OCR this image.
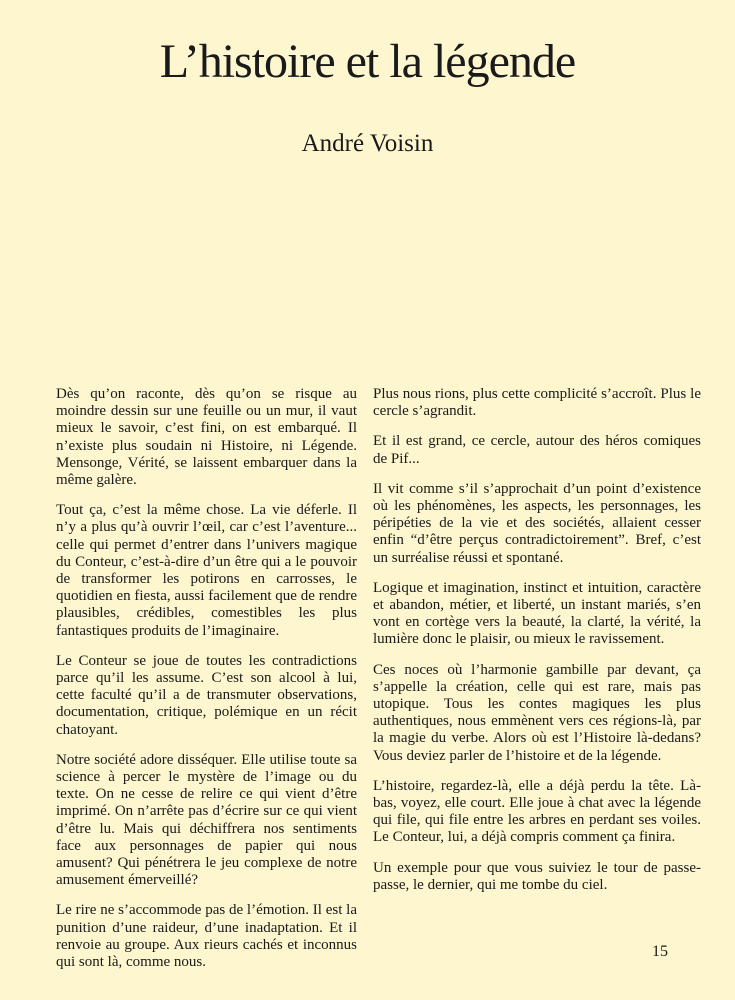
L’histoire et la légende
André Voisin

Dès qu’on raconte, dès qu’on se risque au moindre dessin sur une feuille ou un mur, il vaut mieux le savoir, c’est fini, on est embarqué. Il n’existe plus soudain ni Histoire, ni Légende. Mensonge, Vérité, se laissent embarquer dans la même galère.

Tout ça, c’est la même chose. La vie déferle. Il n’y a plus qu’à ouvrir l’œil, car c’est l’aventure... celle qui permet d’entrer dans l’univers magique du Conteur, c’est-à-dire d’un être qui a le pouvoir de transformer les potirons en carrosses, le quotidien en fiesta, aussi facilement que de rendre plausibles, crédibles, comestibles les plus fantastiques produits de l’imaginaire.

Le Conteur se joue de toutes les contradictions parce qu’il les assume. C’est son alcool à lui, cette faculté qu’il a de transmuter observations, documentation, critique, polémique en un récit chatoyant.

Notre société adore disséquer. Elle utilise toute sa science à percer le mystère de l’image ou du texte. On ne cesse de relire ce qui vient d’être imprimé. On n’arrête pas d’écrire sur ce qui vient d’être lu. Mais qui déchiffrera nos sentiments face aux personnages de papier qui nous amusent? Qui pénétrera le jeu complexe de notre amusement émerveillé?

Le rire ne s’accommode pas de l’émotion. Il est la punition d’une raideur, d’une inadaptation. Et il renvoie au groupe. Aux rieurs cachés et inconnus qui sont là, comme nous.

Plus nous rions, plus cette complicité s’accroît. Plus le cercle s’agrandit.

Et il est grand, ce cercle, autour des héros comiques de Pif...

Il vit comme s’il s’approchait d’un point d’existence où les phénomènes, les aspects, les personnages, les péripéties de la vie et des sociétés, allaient cesser enfin “d’être perçus contradictoirement”. Bref, c’est un surréalise réussi et spontané.

Logique et imagination, instinct et intuition, caractère et abandon, métier, et liberté, un instant mariés, s’en vont en cortège vers la beauté, la clarté, la vérité, la lumière donc le plaisir, ou mieux le ravissement.

Ces noces où l’harmonie gambille par devant, ça s’appelle la création, celle qui est rare, mais pas utopique. Tous les contes magiques les plus authentiques, nous emmènent vers ces régions-là, par la magie du verbe. Alors où est l’Histoire là-dedans? Vous deviez parler de l’histoire et de la légende.

L’histoire, regardez-là, elle a déjà perdu la tête. Là-bas, voyez, elle court. Elle joue à chat avec la légende qui file, qui file entre les arbres en perdant ses voiles. Le Conteur, lui, a déjà compris comment ça finira.

Un exemple pour que vous suiviez le tour de passe-passe, le dernier, qui me tombe du ciel.

15
